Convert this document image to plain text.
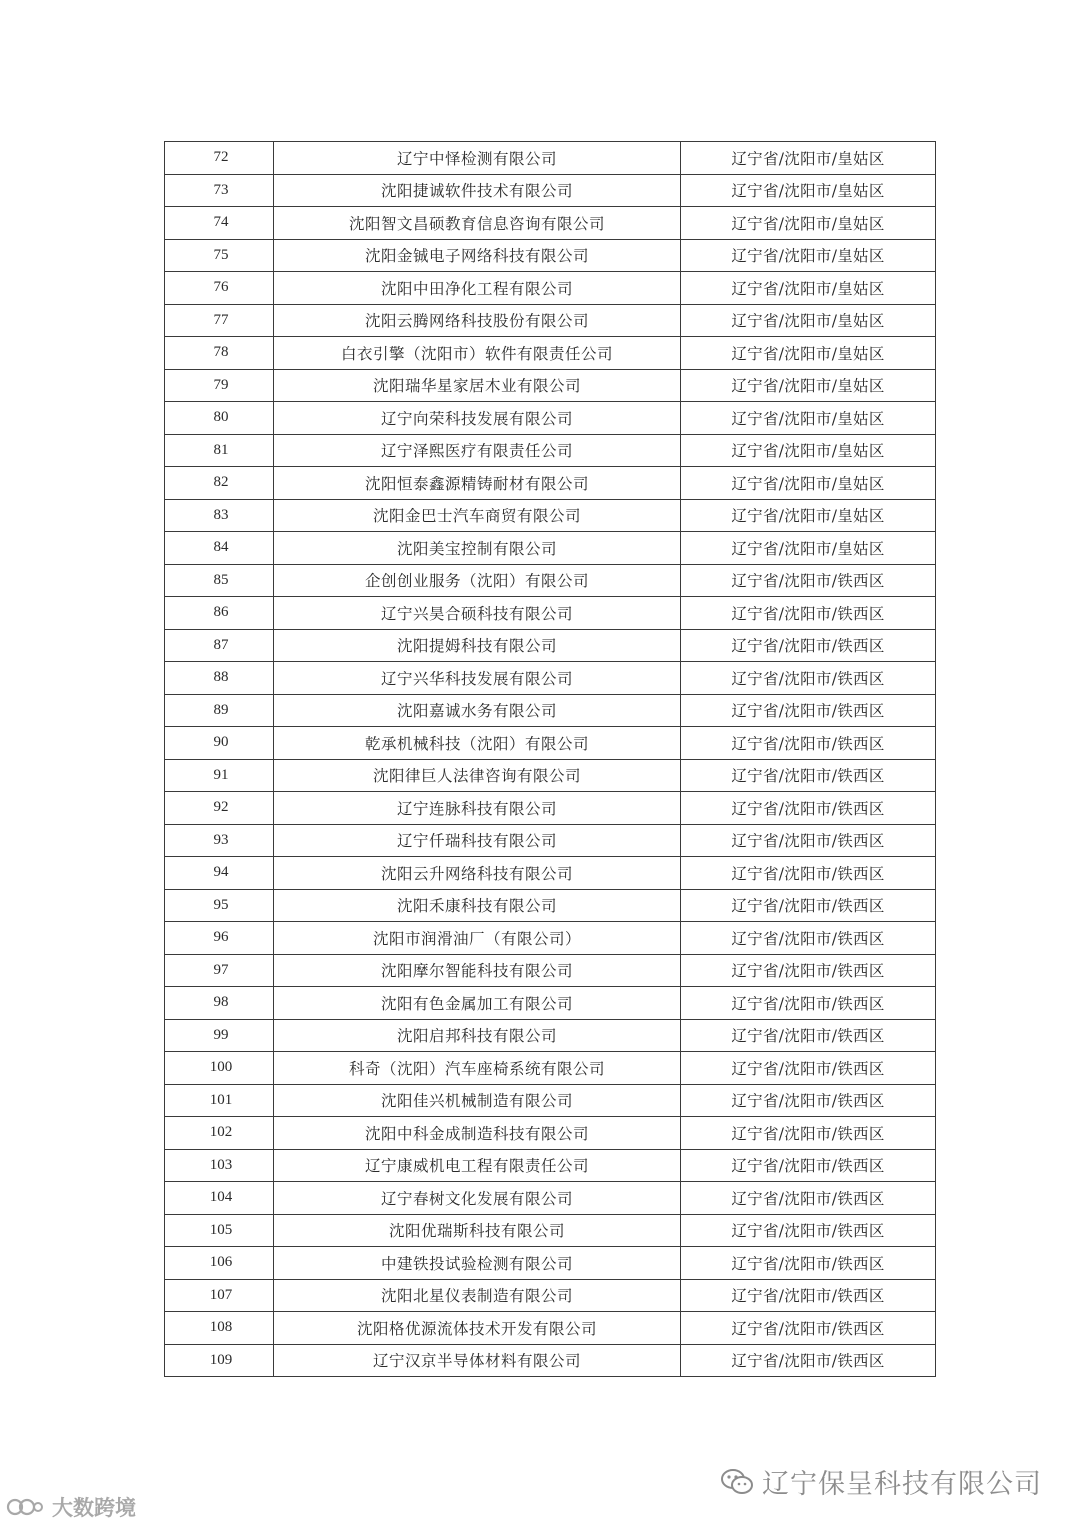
72	辽宁中怿检测有限公司	辽宁省/沈阳市/皇姑区
73	沈阳捷诚软件技术有限公司	辽宁省/沈阳市/皇姑区
74	沈阳智文昌硕教育信息咨询有限公司	辽宁省/沈阳市/皇姑区
75	沈阳金铖电子网络科技有限公司	辽宁省/沈阳市/皇姑区
76	沈阳中田净化工程有限公司	辽宁省/沈阳市/皇姑区
77	沈阳云腾网络科技股份有限公司	辽宁省/沈阳市/皇姑区
78	白衣引擎（沈阳市）软件有限责任公司	辽宁省/沈阳市/皇姑区
79	沈阳瑞华星家居木业有限公司	辽宁省/沈阳市/皇姑区
80	辽宁向荣科技发展有限公司	辽宁省/沈阳市/皇姑区
81	辽宁泽熙医疗有限责任公司	辽宁省/沈阳市/皇姑区
82	沈阳恒泰鑫源精铸耐材有限公司	辽宁省/沈阳市/皇姑区
83	沈阳金巴士汽车商贸有限公司	辽宁省/沈阳市/皇姑区
84	沈阳美宝控制有限公司	辽宁省/沈阳市/皇姑区
85	企创创业服务（沈阳）有限公司	辽宁省/沈阳市/铁西区
86	辽宁兴昊合硕科技有限公司	辽宁省/沈阳市/铁西区
87	沈阳提姆科技有限公司	辽宁省/沈阳市/铁西区
88	辽宁兴华科技发展有限公司	辽宁省/沈阳市/铁西区
89	沈阳嘉诚水务有限公司	辽宁省/沈阳市/铁西区
90	乾承机械科技（沈阳）有限公司	辽宁省/沈阳市/铁西区
91	沈阳律巨人法律咨询有限公司	辽宁省/沈阳市/铁西区
92	辽宁连脉科技有限公司	辽宁省/沈阳市/铁西区
93	辽宁仟瑞科技有限公司	辽宁省/沈阳市/铁西区
94	沈阳云升网络科技有限公司	辽宁省/沈阳市/铁西区
95	沈阳禾康科技有限公司	辽宁省/沈阳市/铁西区
96	沈阳市润滑油厂（有限公司）	辽宁省/沈阳市/铁西区
97	沈阳摩尔智能科技有限公司	辽宁省/沈阳市/铁西区
98	沈阳有色金属加工有限公司	辽宁省/沈阳市/铁西区
99	沈阳启邦科技有限公司	辽宁省/沈阳市/铁西区
100	科奇（沈阳）汽车座椅系统有限公司	辽宁省/沈阳市/铁西区
101	沈阳佳兴机械制造有限公司	辽宁省/沈阳市/铁西区
102	沈阳中科金成制造科技有限公司	辽宁省/沈阳市/铁西区
103	辽宁康威机电工程有限责任公司	辽宁省/沈阳市/铁西区
104	辽宁春树文化发展有限公司	辽宁省/沈阳市/铁西区
105	沈阳优瑞斯科技有限公司	辽宁省/沈阳市/铁西区
106	中建铁投试验检测有限公司	辽宁省/沈阳市/铁西区
107	沈阳北星仪表制造有限公司	辽宁省/沈阳市/铁西区
108	沈阳格优源流体技术开发有限公司	辽宁省/沈阳市/铁西区
109	辽宁汉京半导体材料有限公司	辽宁省/沈阳市/铁西区
辽宁保呈科技有限公司
大数跨境
